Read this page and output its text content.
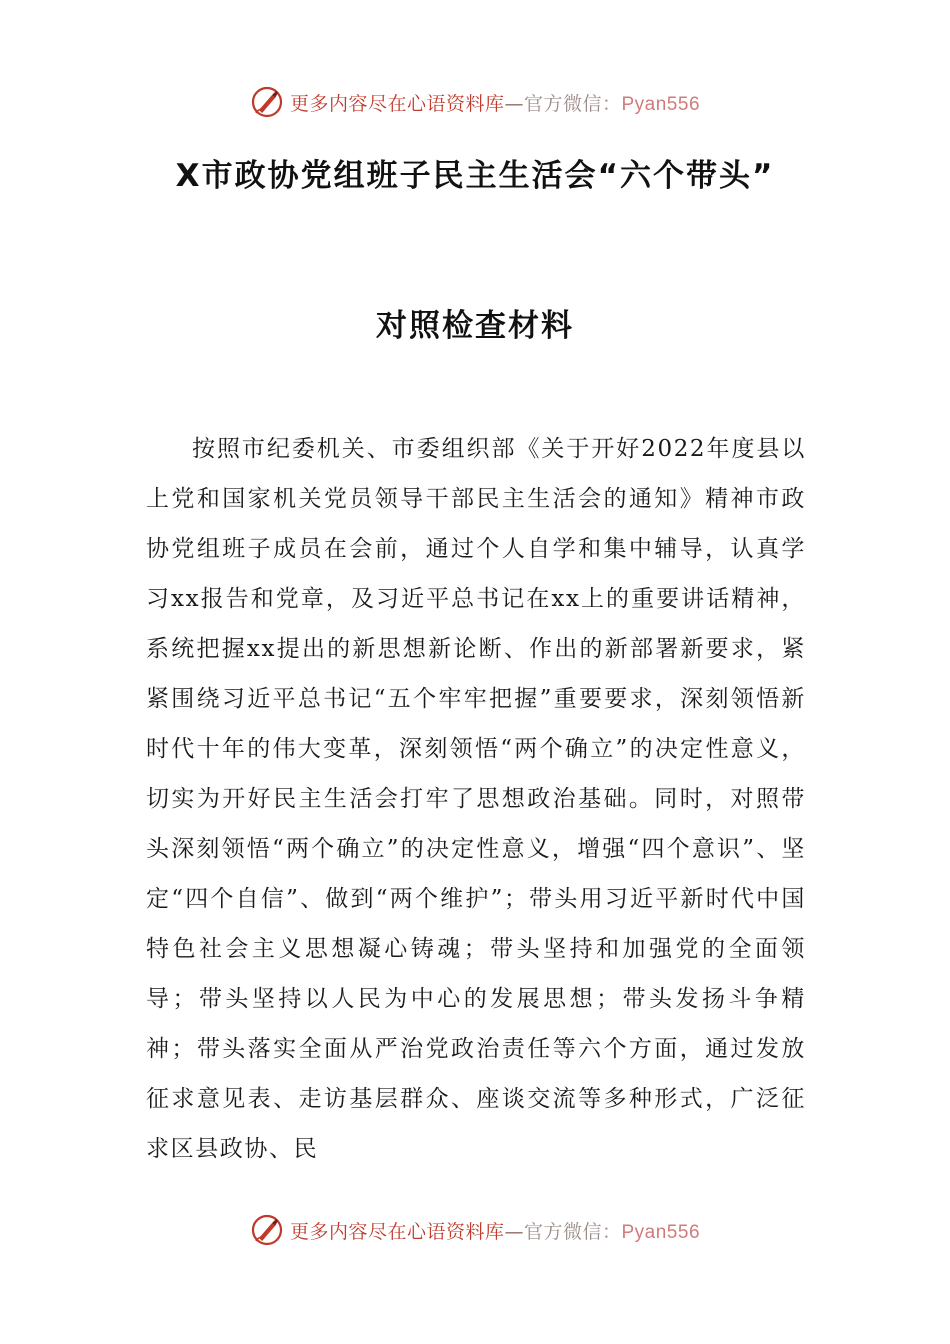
更多内容尽在心语资料库—官方微信：Pyan556
X市政协党组班子民主生活会“六个带头”
对照检查材料

按照市纪委机关、市委组织部《关于开好2022年度县以上党和国家机关党员领导干部民主生活会的通知》精神市政协党组班子成员在会前，通过个人自学和集中辅导，认真学习xx报告和党章，及习近平总书记在xx上的重要讲话精神，系统把握xx提出的新思想新论断、作出的新部署新要求，紧紧围绕习近平总书记“五个牢牢把握”重要要求，深刻领悟新时代十年的伟大变革，深刻领悟“两个确立”的决定性意义，切实为开好民主生活会打牢了思想政治基础。同时，对照带头深刻领悟“两个确立”的决定性意义，增强“四个意识”、坚定“四个自信”、做到“两个维护”；带头用习近平新时代中国特色社会主义思想凝心铸魂；带头坚持和加强党的全面领导；带头坚持以人民为中心的发展思想；带头发扬斗争精神；带头落实全面从严治党政治责任等六个方面，通过发放征求意见表、走访基层群众、座谈交流等多种形式，广泛征求区县政协、民

更多内容尽在心语资料库—官方微信：Pyan556
